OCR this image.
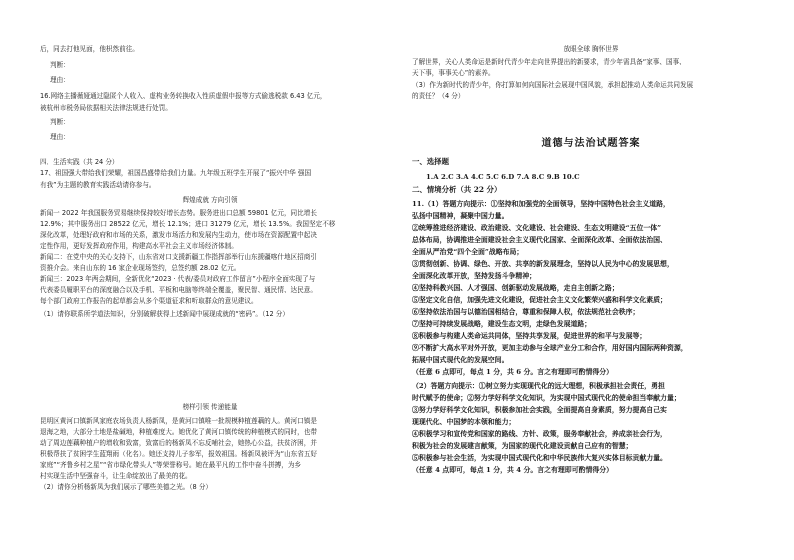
后，同去打他见面，他枳然前往。
判断：
理由：
16.网络主播薇娅通过隐匿个人收入、虚构业务转换收入性质虚假申报等方式偷逃税款 6.43 亿元，
被杭州市税务局依据相关法律法规进行处罚。
判断：
理由：
四．生活实践（共 24 分）
17、祖国强大带给我们荣耀，祖国昌盛带给我们力量。九年级五班学生开展了“振兴中华 强国
有我”为主题的教育实践活动请你参与。
辉煌成就 方向引领
新闻一 2022 年我国服务贸易继续保持较好增长态势。服务进出口总额 59801 亿元，同比增长
12.9%；其中服务出口 28522 亿元，增长 12.1%；进口 31279 亿元，增长 13.5%。我国坚定不移
深化改革，处理好政府和市场的关系，激发市场活力和发展内生动力，使市场在资源配置中起决
定性作用，更好发挥政府作用，构建高水平社会主义市场经济体制。
新闻二：在党中央的关心支持下，山东省对口支援新疆工作指挥部举行山东援疆喀什地区招商引
资推介会。来自山东的 16 家企业现场签约，总签约额 28.02 亿元。
新闻三：2023 年两会期间，全新优化“2023 · 代表/委员对政府工作留言”小程序全面实现了与
代表委员履职平台的深度融合以及手机、平板和电脑等终端全覆盖，聚民智、通民情、达民意。
每个部门政府工作报告的起草都会从多个渠道征求和听取群众的意见建议。
（1）请你联系所学道法知识，分别破解获得上述新闻中展现成就的“密码”。（12 分）
榜样引领 传递能量
昆明区黄河口镇新风家庭农场负责人杨新凤，是黄河口镇唯一批规模种植莲藕的人。黄河口镇是
退海之地，大部分土地是盐碱地，种植难度大。她优化了黄河口镇传统的种植模式的同时，也带
动了周边莲藕种植户的增收和致富，致富后的杨新凤不忘反哺社会，她热心公益，扶贫济困，并
积极帮扶了贫困学生蓝翔雨（化名）。她还支持儿子参军，报效祖国。杨新凤被评为“山东省五好
家庭”“齐鲁乡村之星”“省市绿化带头人”等荣誉称号。她在最平凡的工作中奋斗拼搏，为乡
村实现生活中坚强奋斗，让生命绽放出了最美的花。
（2）请你分析杨新凤为我们展示了哪些美德之光。（8 分）
放眼全球 胸怀世界
了解世界，关心人类命运是新时代青少年走向世界提出的新要求，青少年需具备“家事、国事、
天下事，事事关心”的素养。
（3）作为新时代的青少年，你打算如何向国际社会展现中国风貌，承担起推动人类命运共同发展
的责任？（4 分）
道德与法治试题答案
一、选择题
1.A 2.C 3.A 4.C 5.C 6.D 7.A 8.C 9.B 10.C
二、情境分析（共 22 分）
11.（1）答题方向提示：①坚持和加强党的全面领导，坚持中国特色社会主义道路，
弘扬中国精神，凝聚中国力量。
②统筹推进经济建设、政治建设、文化建设、社会建设、生态文明建设“五位一体”
总体布局，协调推进全面建设社会主义现代化国家、全面深化改革、全面依法治国、
全面从严治党“四个全面”战略布局；
③贯彻创新、协调、绿色、开放、共享的新发展理念，坚持以人民为中心的发展思想，
全面深化改革开放，坚持发扬斗争精神；
④坚持科教兴国、人才强国、创新驱动发展战略，走自主创新之路；
⑤坚定文化自信，加强先进文化建设，促进社会主义文化繁荣兴盛和科学文化素质；
⑥坚持依法治国与以德治国相结合，尊重和保障人权，依法规范社会秩序；
⑦坚持可持续发展战略，建设生态文明，走绿色发展道路；
⑧积极参与构建人类命运共同体，坚持共享发展，促进世界的和平与发展等；
⑨不断扩大高水平对外开放，更加主动参与全球产业分工和合作，用好国内国际两种资源，
拓展中国式现代化的发展空间。
（任意 6 点即可，每点 1 分，共 6 分。言之有理即可酌情得分）
（2）答题方向提示：①树立努力实现现代化的远大理想，积极承担社会责任，勇担
时代赋予的使命；②努力学好科学文化知识，为实现中国式现代化的使命担当奉献力量；
③努力学好科学文化知识，积极参加社会实践，全面提高自身素质，努力提高自己实
现现代化、中国梦的本领和能力；
④积极学习和宣传党和国家的路线、方针、政策，服务奉献社会，养成亲社会行为，
积极为社会的发展建言献策，为国家的现代化建设贡献自己应有的智慧；
⑤积极参与社会生活，为实现中国式现代化和中华民族伟大复兴实体目标贡献力量。
（任意 4 点即可，每点 1 分，共 4 分。言之有理即可酌情得分）
